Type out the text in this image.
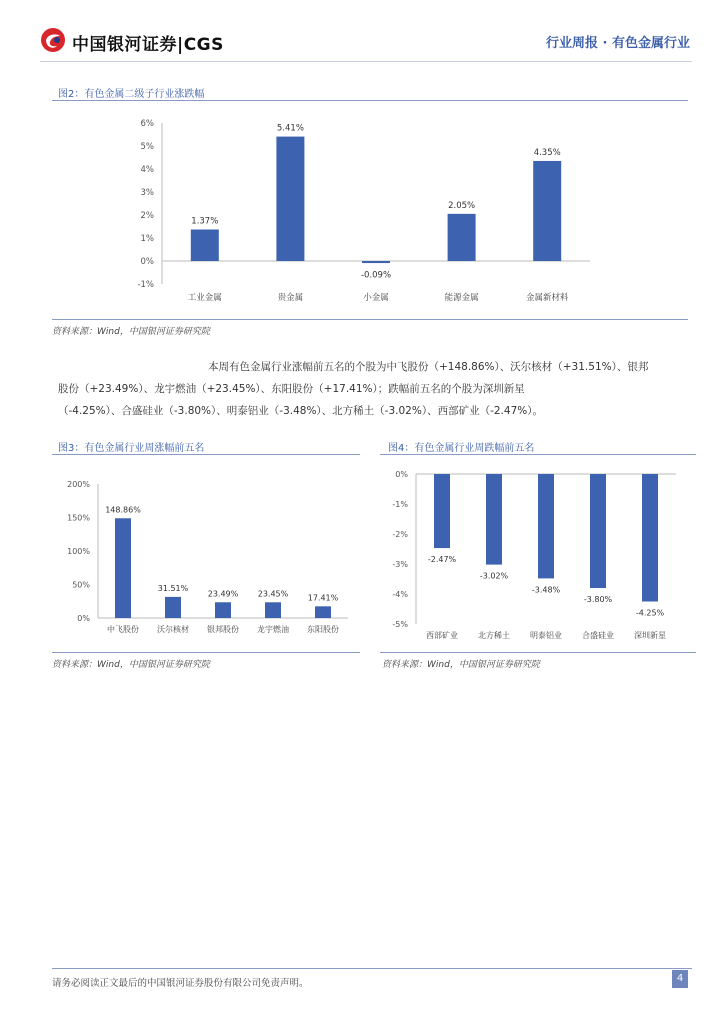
中国银河证券|CGS	行业周报 · 有色金属行业
图2：有色金属二级子行业涨跌幅
-1%
0%
1%
2%
3%
4%
5%
6%
1.37%
工业金属
5.41%
贵金属
-0.09%
小金属
2.05%
能源金属
4.35%
金属新材料
资料来源：Wind，中国银河证券研究院
本周有色金属行业涨幅前五名的个股为中飞股份（+148.86%）、沃尔核材（+31.51%）、银邦
股份（+23.49%）、龙宇燃油（+23.45%）、东阳股份（+17.41%）；跌幅前五名的个股为深圳新星
（-4.25%）、合盛硅业（-3.80%）、明泰铝业（-3.48%）、北方稀土（-3.02%）、西部矿业（-2.47%）。
图3：有色金属行业周涨幅前五名
0%
50%
100%
150%
200%
148.86%
中飞股份
31.51%
沃尔核材
23.49%
银邦股份
23.45%
龙宇燃油
17.41%
东阳股份
资料来源：Wind，中国银河证券研究院
图4：有色金属行业周跌幅前五名
-5%
-4%
-3%
-2%
-1%
0%
-2.47%
西部矿业
-3.02%
北方稀土
-3.48%
明泰铝业
-3.80%
合盛硅业
-4.25%
深圳新星
资料来源：Wind，中国银河证券研究院
请务必阅读正文最后的中国银河证券股份有限公司免责声明。	4
